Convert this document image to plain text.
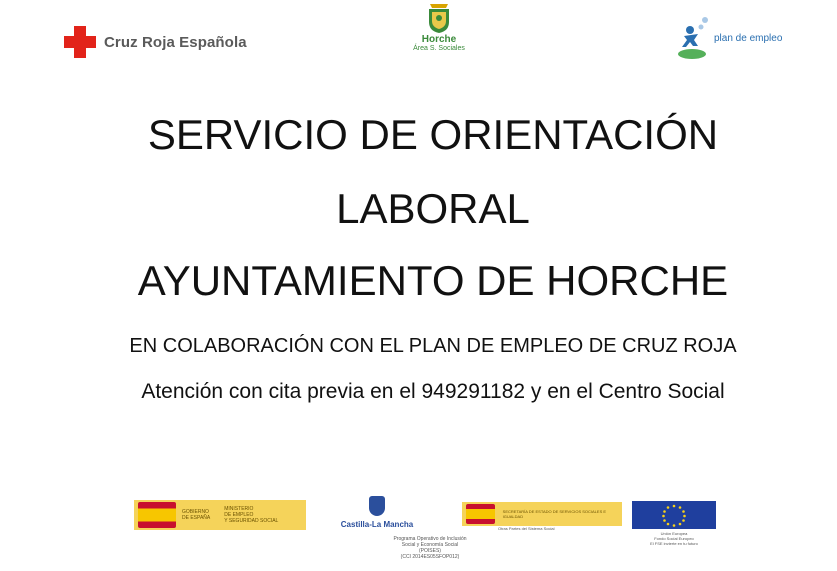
Cruz Roja Española	Horche
Área S. Sociales
plan de empleo
SERVICIO DE ORIENTACIÓN
LABORAL
AYUNTAMIENTO DE HORCHE
EN COLABORACIÓN CON EL PLAN DE EMPLEO DE CRUZ ROJA
Atención con cita previa en el 949291182 y en el Centro Social
GOBIERNO
DE ESPAÑA
MINISTERIO
DE EMPLEO
Y SEGURIDAD SOCIAL	Castilla-La Mancha
Programa Operativo de Inclusión
Social y Economía Social
(POISES)
(CCI 2014ES05SFOP012)
SECRETARÍA DE ESTADO DE SERVICIOS SOCIALES E IGUALDAD
Otras Partes del Sistema Social
Unión Europea
Fondo Social Europeo
El FSE invierte en tu futuro
